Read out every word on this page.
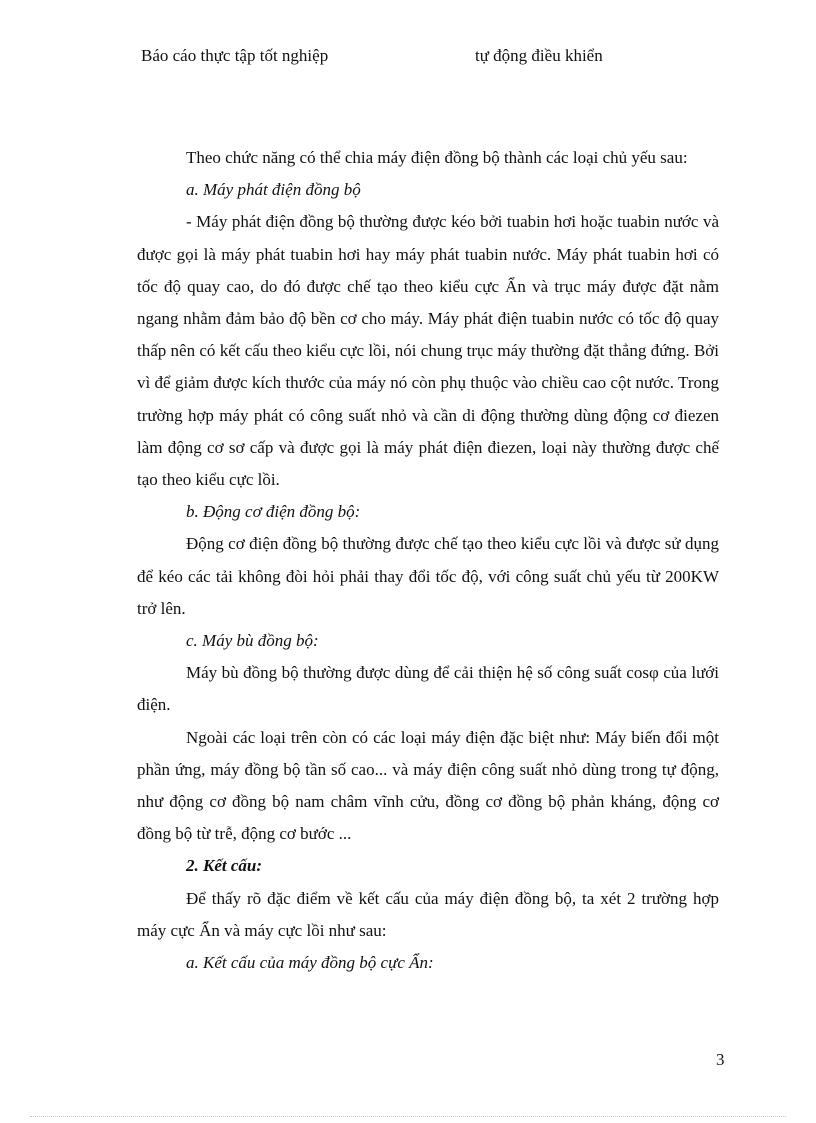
Báo cáo thực tập tốt nghiệp	tự động điều khiển

Theo chức năng có thể chia máy điện đồng bộ thành các loại chủ yếu sau:

a. Máy phát điện đồng bộ

- Máy phát điện đồng bộ thường được kéo bởi tuabin hơi hoặc tuabin nước và được gọi là máy phát tuabin hơi hay máy phát tuabin nước. Máy phát tuabin hơi có tốc độ quay cao, do đó được chế tạo theo kiểu cực Ẩn và trục máy được đặt nằm ngang nhằm đảm bảo độ bền cơ cho máy. Máy phát điện tuabin nước có tốc độ quay thấp nên có kết cấu theo kiểu cực lồi, nói chung trục máy thường đặt thẳng đứng. Bởi vì để giảm được kích thước của máy nó còn phụ thuộc vào chiều cao cột nước. Trong trường hợp máy phát có công suất nhỏ và cần di động thường dùng động cơ điezen làm động cơ sơ cấp và được gọi là máy phát điện điezen, loại này thường được chế tạo theo kiểu cực lồi.

b. Động cơ điện đồng bộ:

Động cơ điện đồng bộ thường được chế tạo theo kiểu cực lồi và được sử dụng để kéo các tải không đòi hỏi phải thay đổi tốc độ, với công suất chủ yếu từ 200KW trở lên.

c. Máy bù đồng bộ:

Máy bù đồng bộ thường được dùng để cải thiện hệ số công suất cosφ của lưới điện.

Ngoài các loại trên còn có các loại máy điện đặc biệt như: Máy biến đổi một phần ứng, máy đồng bộ tần số cao... và máy điện công suất nhỏ dùng trong tự động, như động cơ đồng bộ nam châm vĩnh cửu, đồng cơ đồng bộ phản kháng, động cơ đồng bộ từ trễ, động cơ bước ...

2. Kết cấu:

Để thấy rõ đặc điểm về kết cấu của máy điện đồng bộ, ta xét 2 trường hợp máy cực Ẩn và máy cực lồi như sau:

a. Kết cấu của máy đồng bộ cực Ẩn:

3
